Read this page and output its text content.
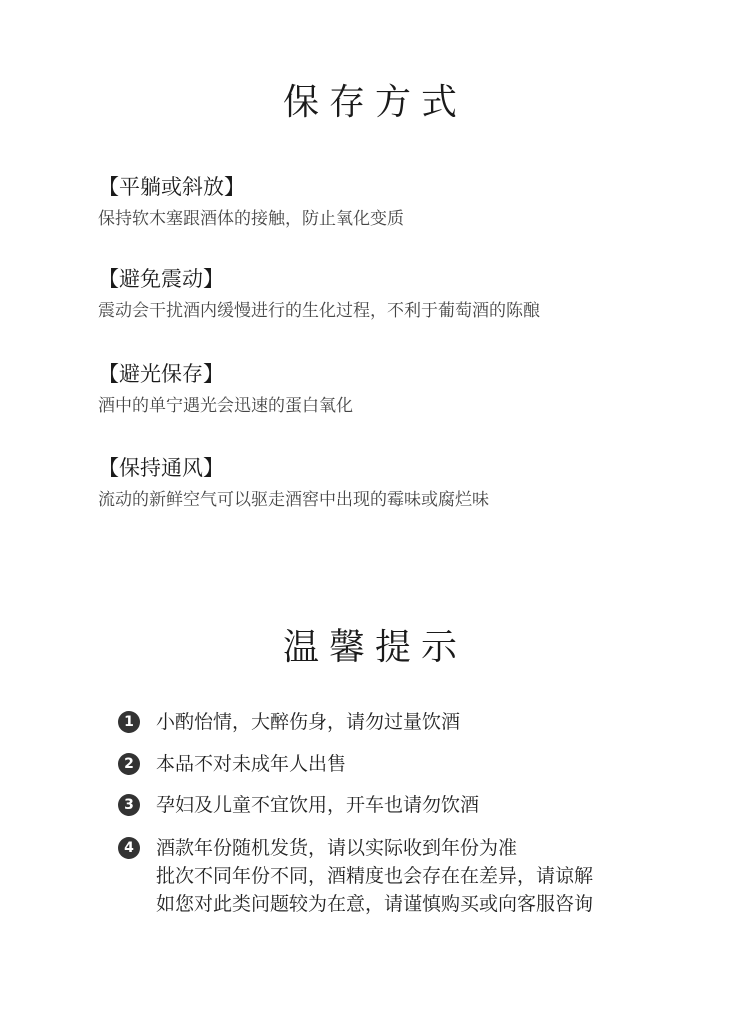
保存方式
【平躺或斜放】
保持软木塞跟酒体的接触，防止氧化变质
【避免震动】
震动会干扰酒内缓慢进行的生化过程，不利于葡萄酒的陈酿
【避光保存】
酒中的单宁遇光会迅速的蛋白氧化
【保持通风】
流动的新鲜空气可以驱走酒窖中出现的霉味或腐烂味
温馨提示
1	小酌怡情，大醉伤身，请勿过量饮酒
2	本品不对未成年人出售
3	孕妇及儿童不宜饮用，开车也请勿饮酒
4	酒款年份随机发货，请以实际收到年份为准
批次不同年份不同，酒精度也会存在在差异，请谅解
如您对此类问题较为在意，请谨慎购买或向客服咨询
